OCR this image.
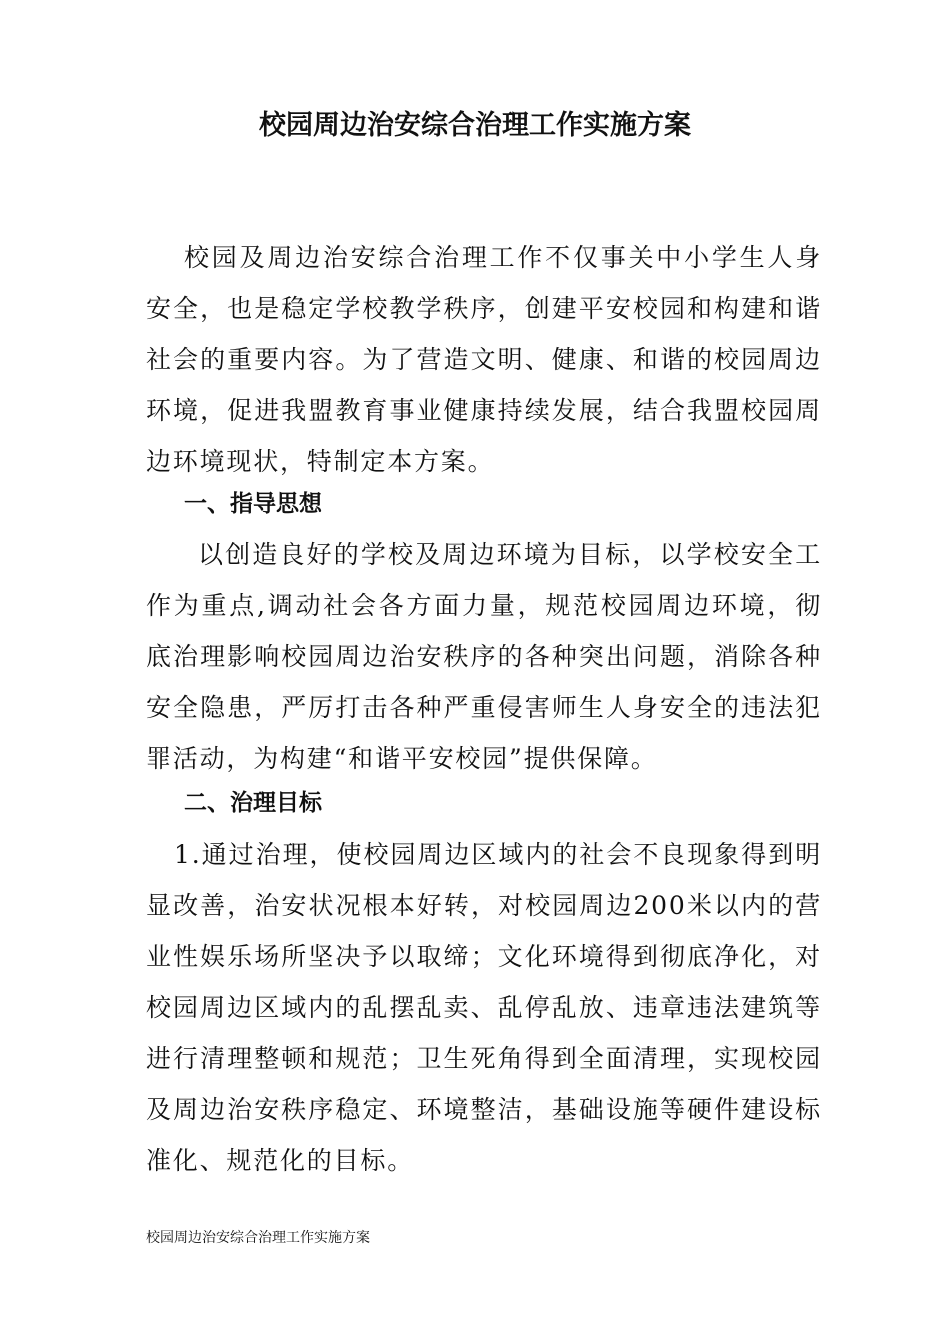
校园周边治安综合治理工作实施方案

校园及周边治安综合治理工作不仅事关中小学生人身安全，也是稳定学校教学秩序，创建平安校园和构建和谐社会的重要内容。为了营造文明、健康、和谐的校园周边环境，促进我盟教育事业健康持续发展，结合我盟校园周边环境现状，特制定本方案。

一、指导思想

以创造良好的学校及周边环境为目标，以学校安全工作为重点,调动社会各方面力量，规范校园周边环境，彻底治理影响校园周边治安秩序的各种突出问题，消除各种安全隐患，严厉打击各种严重侵害师生人身安全的违法犯罪活动，为构建“和谐平安校园”提供保障。

二、治理目标

1.通过治理，使校园周边区域内的社会不良现象得到明显改善，治安状况根本好转，对校园周边200米以内的营业性娱乐场所坚决予以取缔；文化环境得到彻底净化，对校园周边区域内的乱摆乱卖、乱停乱放、违章违法建筑等进行清理整顿和规范；卫生死角得到全面清理，实现校园及周边治安秩序稳定、环境整洁，基础设施等硬件建设标准化、规范化的目标。

校园周边治安综合治理工作实施方案
